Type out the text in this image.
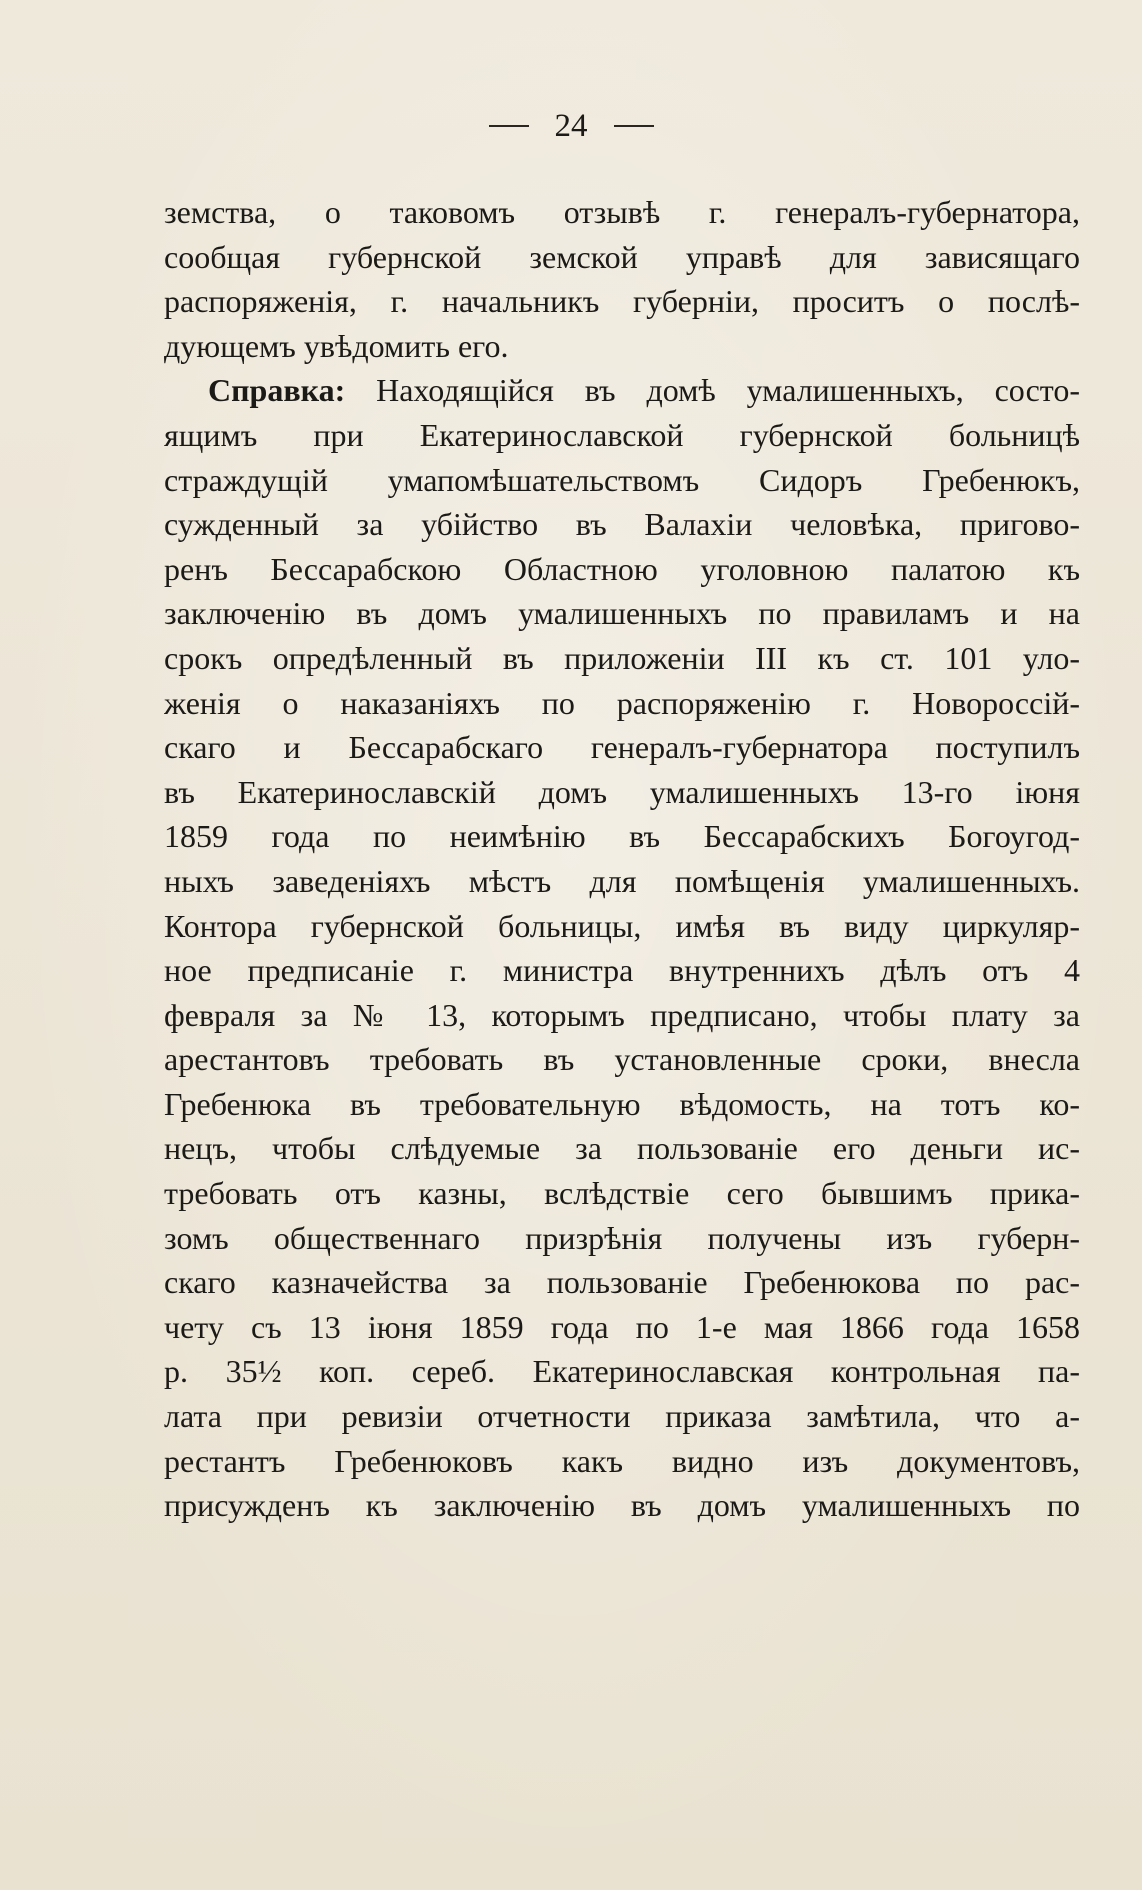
24
земства, о таковомъ отзывѣ г. генералъ-губернатора,
сообщая губернской земской управѣ для зависящаго
распоряженія, г. начальникъ губерніи, проситъ о послѣ-
дующемъ увѣдомить его.
Справка: Находящiйся въ домѣ умалишенныхъ, состо-
ящимъ при Екатеринославской губернской больницѣ
страждущій умапомѣшательствомъ Сидоръ Гребенюкъ,
сужденный за убійство въ Валахіи человѣка, пригово-
ренъ Бессарабскою Областною уголовною палатою къ
заключенію въ домъ умалишенныхъ по правиламъ и на
срокъ опредѣленный въ приложеніи III къ ст. 101 уло-
женія о наказаніяхъ по распоряженію г. Новороссій-
скаго и Бессарабскаго генералъ-губернатора поступилъ
въ Екатеринославскій домъ умалишенныхъ 13-го іюня
1859 года по неимѣнію въ Бессарабскихъ Богоугод-
ныхъ заведеніяхъ мѣстъ для помѣщенія умалишенныхъ.
Контора губернской больницы, имѣя въ виду циркуляр-
ное предписаніе г. министра внутреннихъ дѣлъ отъ 4
февраля за № 13, которымъ предписано, чтобы плату за
арестантовъ требовать въ установленные сроки, внесла
Гребенюка въ требовательную вѣдомость, на тотъ ко-
нецъ, чтобы слѣдуемые за пользованіе его деньги ис-
требовать отъ казны, вслѣдствіе сего бывшимъ прика-
зомъ общественнаго призрѣнія получены изъ губерн-
скаго казначейства за пользованіе Гребенюкова по рас-
чету съ 13 іюня 1859 года по 1-е мая 1866 года 1658
р. 35½ коп. сереб. Екатеринославская контрольная па-
лата при ревизіи отчетности приказа замѣтила, что а-
рестантъ Гребенюковъ какъ видно изъ документовъ,
присужденъ къ заключенію въ домъ умалишенныхъ по
